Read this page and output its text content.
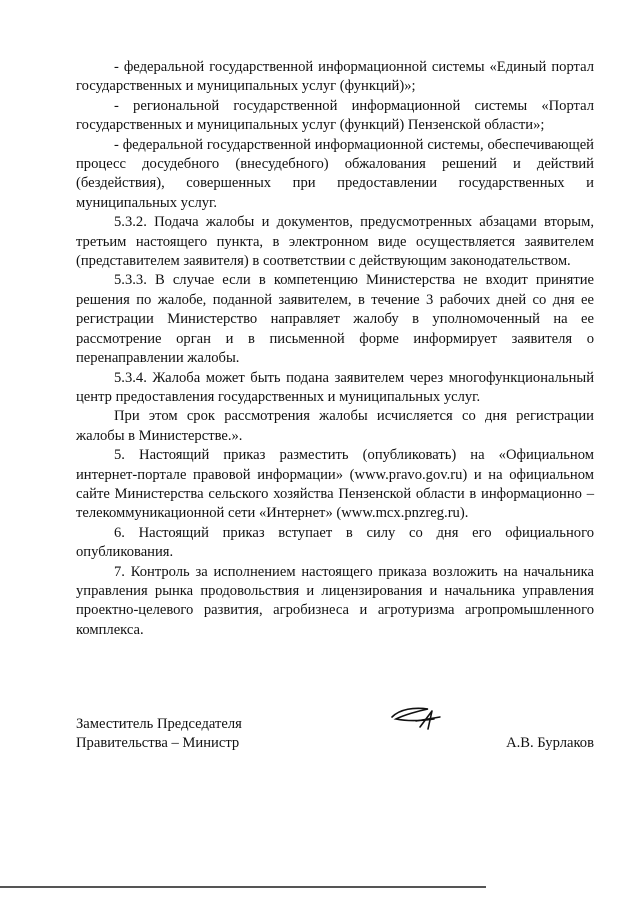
- федеральной государственной информационной системы «Единый портал государственных и муниципальных услуг (функций)»;

- региональной государственной информационной системы «Портал государственных и муниципальных услуг (функций) Пензенской области»;

- федеральной государственной информационной системы, обеспечивающей процесс досудебного (внесудебного) обжалования решений и действий (бездействия), совершенных при предоставлении государственных и муниципальных услуг.

5.3.2. Подача жалобы и документов, предусмотренных абзацами вторым, третьим настоящего пункта, в электронном виде осуществляется заявителем (представителем заявителя) в соответствии с действующим законодательством.

5.3.3. В случае если в компетенцию Министерства не входит принятие решения по жалобе, поданной заявителем, в течение 3 рабочих дней со дня ее регистрации Министерство направляет жалобу в уполномоченный на ее рассмотрение орган и в письменной форме информирует заявителя о перенаправлении жалобы.

5.3.4. Жалоба может быть подана заявителем через многофункциональный центр предоставления государственных и муниципальных услуг.

При этом срок рассмотрения жалобы исчисляется со дня регистрации жалобы в Министерстве.».

5. Настоящий приказ разместить (опубликовать) на «Официальном интернет-портале правовой информации» (www.pravo.gov.ru) и на официальном сайте Министерства сельского хозяйства Пензенской области в информационно – телекоммуникационной сети «Интернет» (www.mcx.pnzreg.ru).

6. Настоящий приказ вступает в силу со дня его официального опубликования.

7. Контроль за исполнением настоящего приказа возложить на начальника управления рынка продовольствия и лицензирования и начальника управления проектно-целевого развития, агробизнеса и агротуризма агропромышленного комплекса.

Заместитель Председателя
Правительства – Министр	А.В. Бурлаков
